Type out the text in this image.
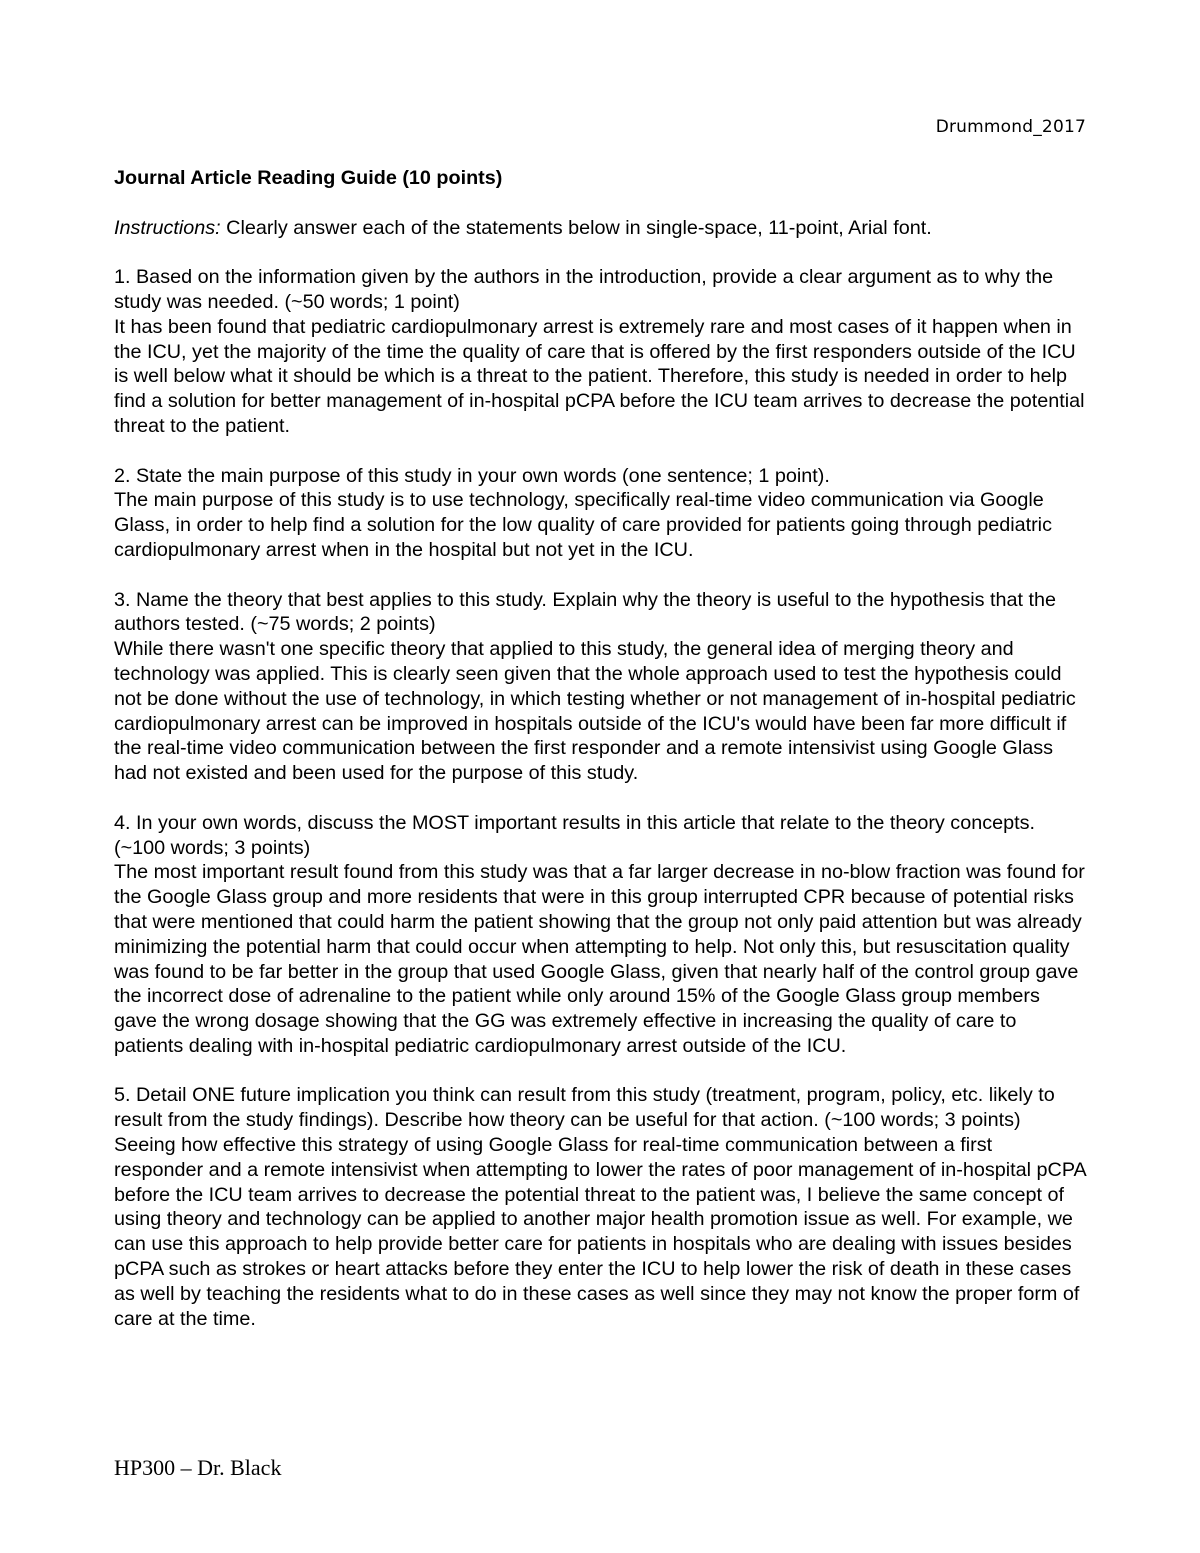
Drummond_2017

Journal Article Reading Guide (10 points)

Instructions: Clearly answer each of the statements below in single-space, 11-point, Arial font.

1. Based on the information given by the authors in the introduction, provide a clear argument as to why the study was needed. (~50 words; 1 point)

It has been found that pediatric cardiopulmonary arrest is extremely rare and most cases of it happen when in the ICU, yet the majority of the time the quality of care that is offered by the first responders outside of the ICU is well below what it should be which is a threat to the patient. Therefore, this study is needed in order to help find a solution for better management of in-hospital pCPA before the ICU team arrives to decrease the potential threat to the patient.

2. State the main purpose of this study in your own words (one sentence; 1 point).

The main purpose of this study is to use technology, specifically real-time video communication via Google Glass, in order to help find a solution for the low quality of care provided for patients going through pediatric cardiopulmonary arrest when in the hospital but not yet in the ICU.

3. Name the theory that best applies to this study. Explain why the theory is useful to the hypothesis that the authors tested. (~75 words; 2 points)

While there wasn't one specific theory that applied to this study, the general idea of merging theory and technology was applied. This is clearly seen given that the whole approach used to test the hypothesis could not be done without the use of technology, in which testing whether or not management of in-hospital pediatric cardiopulmonary arrest can be improved in hospitals outside of the ICU's would have been far more difficult if the real-time video communication between the first responder and a remote intensivist using Google Glass had not existed and been used for the purpose of this study.

4. In your own words, discuss the MOST important results in this article that relate to the theory concepts. (~100 words; 3 points)

The most important result found from this study was that a far larger decrease in no-blow fraction was found for the Google Glass group and more residents that were in this group interrupted CPR because of potential risks that were mentioned that could harm the patient showing that the group not only paid attention but was already minimizing the potential harm that could occur when attempting to help. Not only this, but resuscitation quality was found to be far better in the group that used Google Glass, given that nearly half of the control group gave the incorrect dose of adrenaline to the patient while only around 15% of the Google Glass group members gave the wrong dosage showing that the GG was extremely effective in increasing the quality of care to patients dealing with in-hospital pediatric cardiopulmonary arrest outside of the ICU.

5. Detail ONE future implication you think can result from this study (treatment, program, policy, etc. likely to result from the study findings). Describe how theory can be useful for that action. (~100 words; 3 points)

Seeing how effective this strategy of using Google Glass for real-time communication between a first responder and a remote intensivist when attempting to lower the rates of poor management of in-hospital pCPA before the ICU team arrives to decrease the potential threat to the patient was, I believe the same concept of using theory and technology can be applied to another major health promotion issue as well. For example, we can use this approach to help provide better care for patients in hospitals who are dealing with issues besides pCPA such as strokes or heart attacks before they enter the ICU to help lower the risk of death in these cases as well by teaching the residents what to do in these cases as well since they may not know the proper form of care at the time.

HP300 – Dr. Black
